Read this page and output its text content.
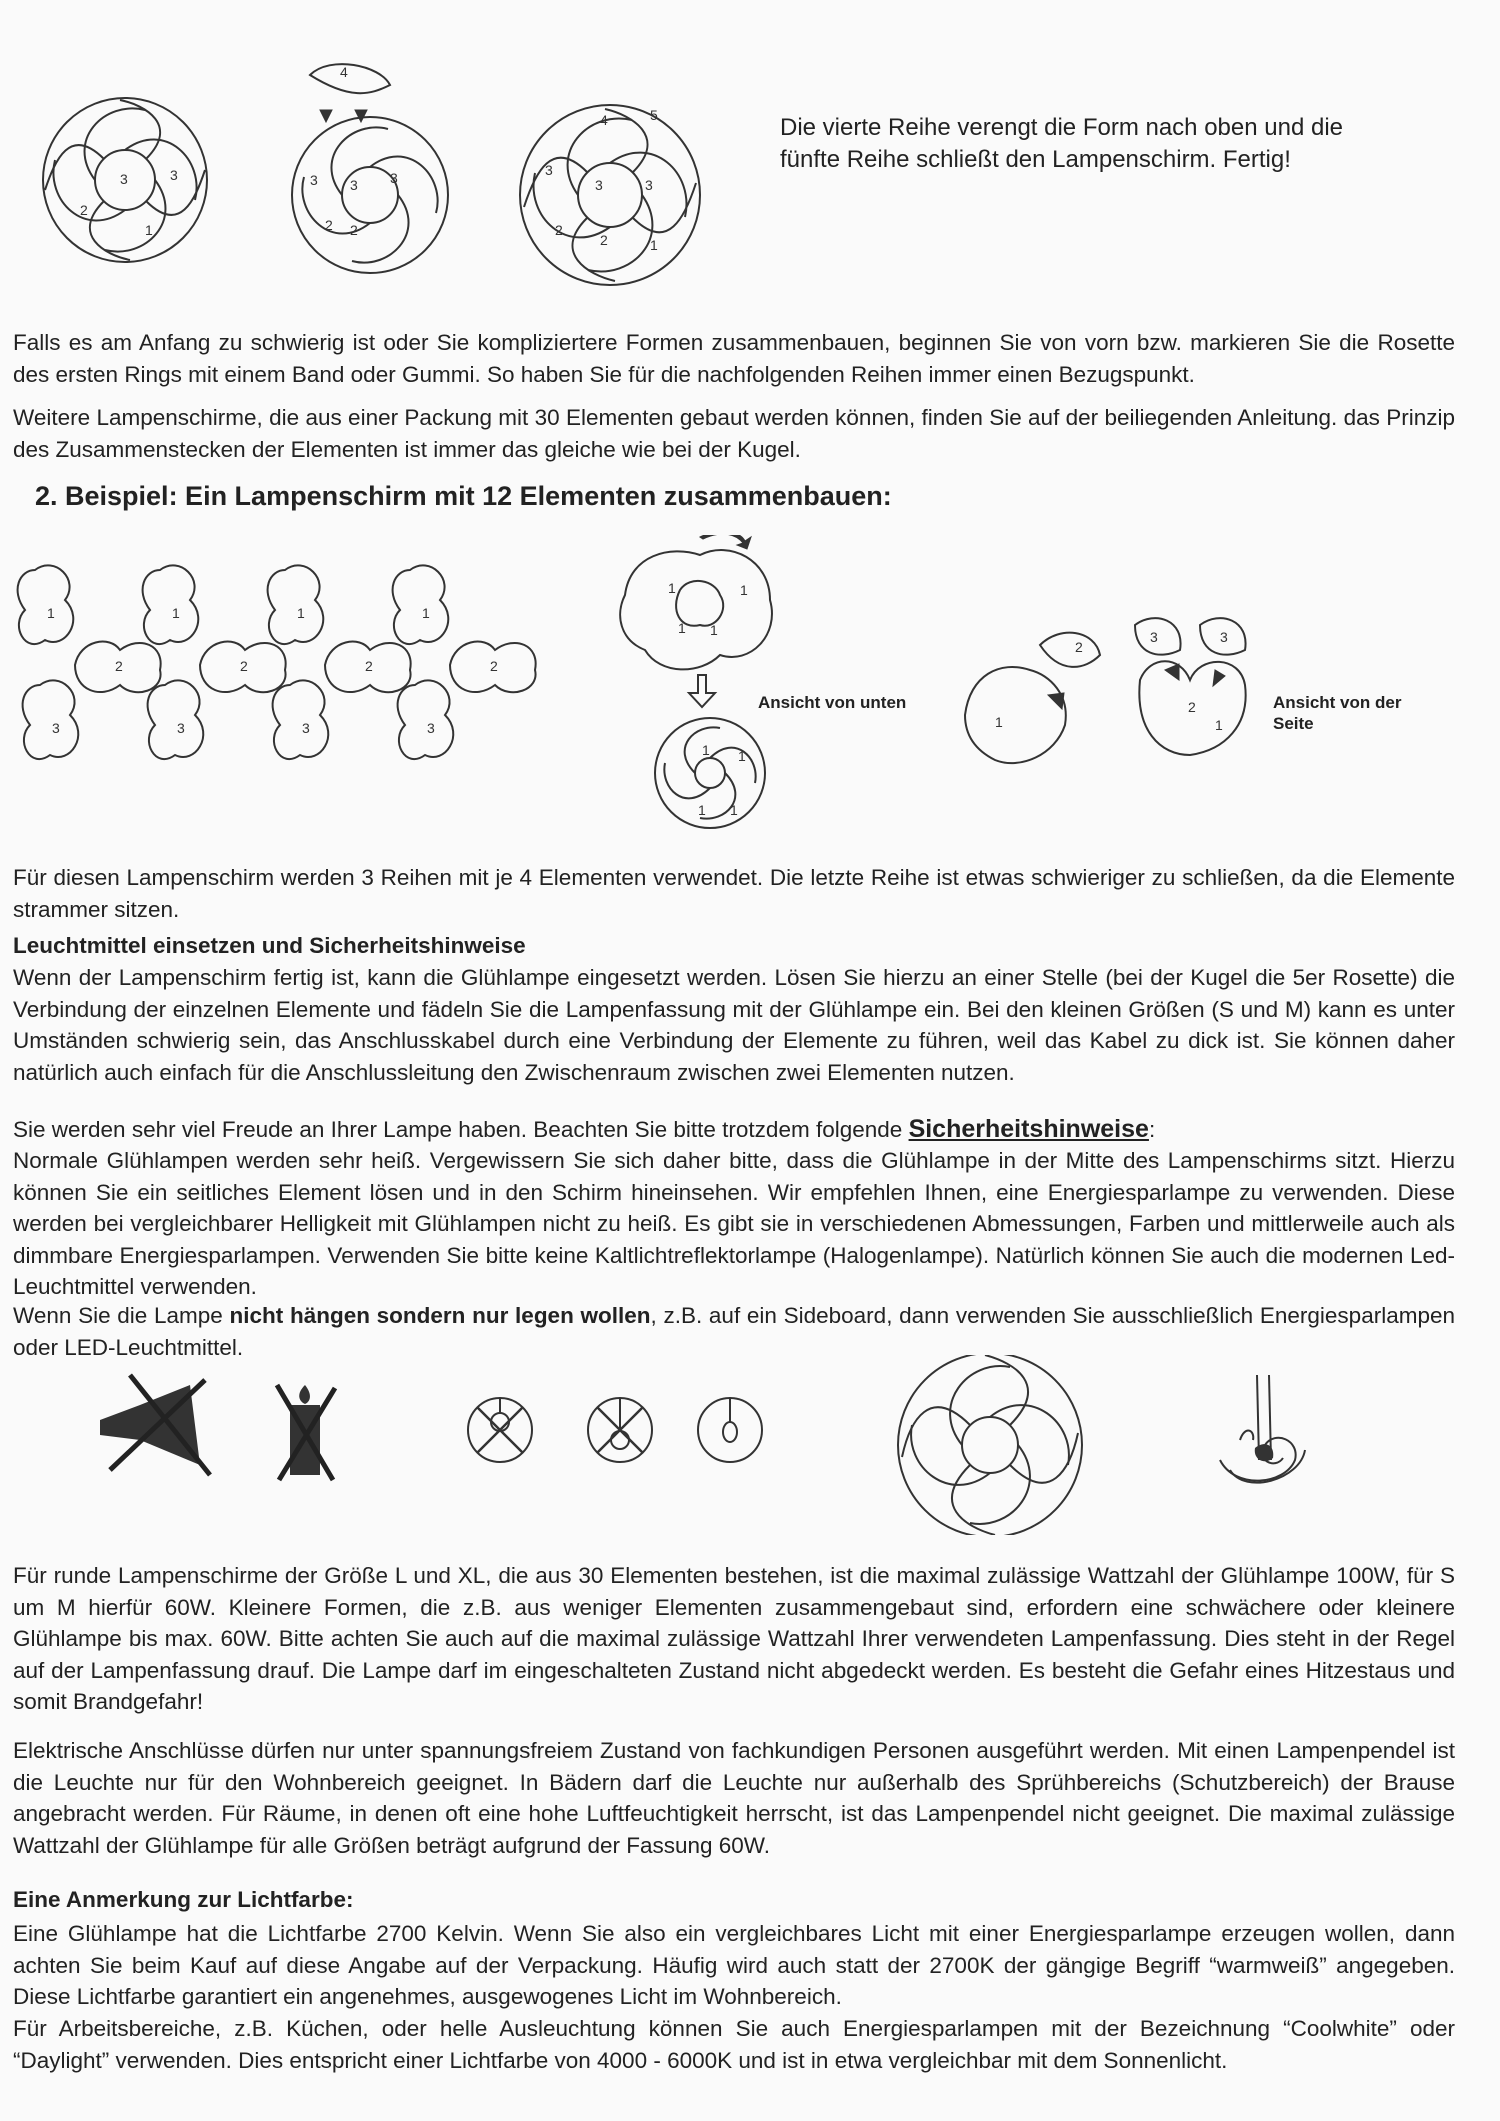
3	3
2
1
4
3 3 3
2
2
4	5
3
3	3
2
2	1
Die vierte Reihe verengt die Form nach oben und die
fünfte Reihe schließt den Lampenschirm. Fertig!

Falls es am Anfang zu schwierig ist oder Sie kompliziertere Formen zusammenbauen, beginnen Sie von vorn bzw. markieren Sie die Rosette des ersten Rings mit einem Band oder Gummi. So haben Sie für die nachfolgenden Reihen immer einen Bezugspunkt.

Weitere Lampenschirme, die aus einer Packung mit 30 Elementen gebaut werden können, finden Sie auf der beiliegenden Anleitung. das Prinzip des Zusammenstecken der Elementen ist immer das gleiche wie bei der Kugel.

2. Beispiel: Ein Lampenschirm mit 12 Elementen zusammenbauen:
1	1	1	1
2	2	2	2
3	3	3	3
1	1
1 1
1 1
1 1
2
1
3	3
2
1
Ansicht von unten	Ansicht von der
Seite

Für diesen Lampenschirm werden 3 Reihen mit je 4 Elementen verwendet. Die letzte Reihe ist etwas schwieriger zu schließen, da die Elemente strammer sitzen.

Leuchtmittel einsetzen und Sicherheitshinweise

Wenn der Lampenschirm fertig ist, kann die Glühlampe eingesetzt werden. Lösen Sie hierzu an einer Stelle (bei der Kugel die 5er Rosette) die Verbindung der einzelnen Elemente und fädeln Sie die Lampenfassung mit der Glühlampe ein. Bei den kleinen Größen (S und M) kann es unter Umständen schwierig sein, das Anschlusskabel durch eine Verbindung der Elemente zu führen, weil das Kabel zu dick ist. Sie können daher natürlich auch einfach für die Anschlussleitung den Zwischenraum zwischen zwei Elementen nutzen.

Sie werden sehr viel Freude an Ihrer Lampe haben. Beachten Sie bitte trotzdem folgende Sicherheitshinweise:

Normale Glühlampen werden sehr heiß. Vergewissern Sie sich daher bitte, dass die Glühlampe in der Mitte des Lampenschirms sitzt. Hierzu können Sie ein seitliches Element lösen und in den Schirm hineinsehen. Wir empfehlen Ihnen, eine Energiesparlampe zu verwenden. Diese werden bei vergleichbarer Helligkeit mit Glühlampen nicht zu heiß. Es gibt sie in verschiedenen Abmessungen, Farben und mittlerweile auch als dimmbare Energiesparlampen. Verwenden Sie bitte keine Kaltlichtreflektorlampe (Halogenlampe). Natürlich können Sie auch die modernen Led-Leuchtmittel verwenden.

Wenn Sie die Lampe nicht hängen sondern nur legen wollen, z.B. auf ein Sideboard, dann verwenden Sie ausschließlich Energiesparlampen oder LED-Leuchtmittel.

Für runde Lampenschirme der Größe L und XL, die aus 30 Elementen bestehen, ist die maximal zulässige Wattzahl der Glühlampe 100W, für S um M hierfür 60W. Kleinere Formen, die z.B. aus weniger Elementen zusammengebaut sind, erfordern eine schwächere oder kleinere Glühlampe bis max. 60W. Bitte achten Sie auch auf die maximal zulässige Wattzahl Ihrer verwendeten Lampenfassung. Dies steht in der Regel auf der Lampenfassung drauf. Die Lampe darf im eingeschalteten Zustand nicht abgedeckt werden. Es besteht die Gefahr eines Hitzestaus und somit Brandgefahr!

Elektrische Anschlüsse dürfen nur unter spannungsfreiem Zustand von fachkundigen Personen ausgeführt werden. Mit einen Lampenpendel ist die Leuchte nur für den Wohnbereich geeignet. In Bädern darf die Leuchte nur außerhalb des Sprühbereichs (Schutzbereich) der Brause angebracht werden. Für Räume, in denen oft eine hohe Luftfeuchtigkeit herrscht, ist das Lampenpendel nicht geeignet. Die maximal zulässige Wattzahl der Glühlampe für alle Größen beträgt aufgrund der Fassung 60W.

Eine Anmerkung zur Lichtfarbe:

Eine Glühlampe hat die Lichtfarbe 2700 Kelvin. Wenn Sie also ein vergleichbares Licht mit einer Energiesparlampe erzeugen wollen, dann achten Sie beim Kauf auf diese Angabe auf der Verpackung. Häufig wird auch statt der 2700K der gängige Begriff “warmweiß” angegeben. Diese Lichtfarbe garantiert ein angenehmes, ausgewogenes Licht im Wohnbereich.

Für Arbeitsbereiche, z.B. Küchen, oder helle Ausleuchtung können Sie auch Energiesparlampen mit der Bezeichnung “Coolwhite” oder “Daylight” verwenden. Dies entspricht einer Lichtfarbe von 4000 - 6000K und ist in etwa vergleichbar mit dem Sonnenlicht.
